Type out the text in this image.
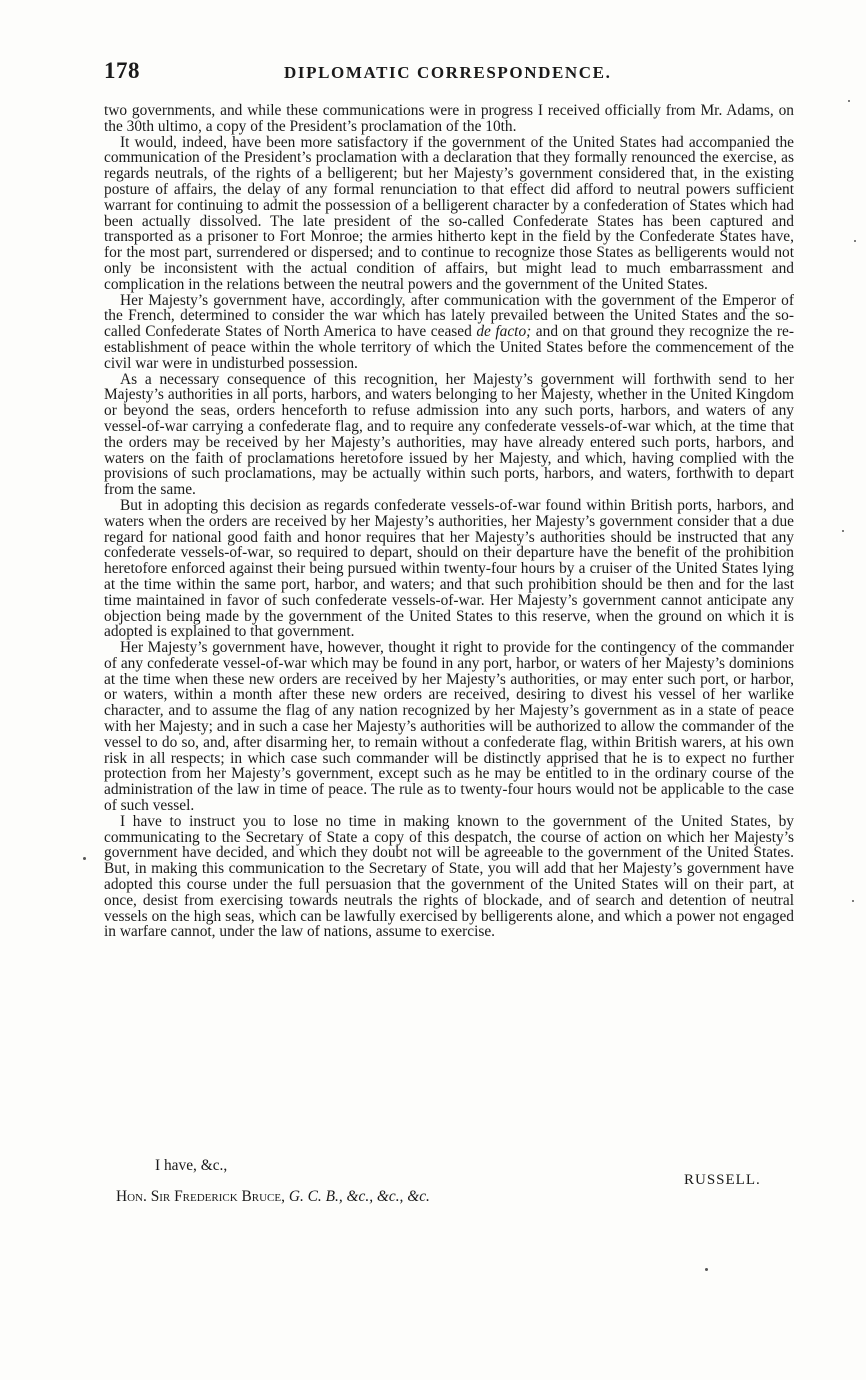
178	DIPLOMATIC CORRESPONDENCE.

two governments, and while these communications were in progress I received officially from Mr. Adams, on the 30th ultimo, a copy of the President’s proclamation of the 10th.

It would, indeed, have been more satisfactory if the government of the United States had accompanied the communication of the President’s proclamation with a declaration that they formally renounced the exercise, as regards neutrals, of the rights of a belligerent; but her Majesty’s government considered that, in the existing posture of affairs, the delay of any formal renunciation to that effect did afford to neutral powers sufficient warrant for continuing to admit the possession of a belligerent character by a confederation of States which had been actually dissolved. The late president of the so-called Confederate States has been captured and transported as a prisoner to Fort Monroe; the armies hitherto kept in the field by the Confederate States have, for the most part, surrendered or dispersed; and to continue to recognize those States as belligerents would not only be inconsistent with the actual condition of affairs, but might lead to much embarrassment and complication in the relations between the neutral powers and the government of the United States.

Her Majesty’s government have, accordingly, after communication with the government of the Emperor of the French, determined to consider the war which has lately prevailed between the United States and the so-called Confederate States of North America to have ceased de facto; and on that ground they recognize the re-establishment of peace within the whole territory of which the United States before the commencement of the civil war were in undisturbed possession.

As a necessary consequence of this recognition, her Majesty’s government will forthwith send to her Majesty’s authorities in all ports, harbors, and waters belonging to her Majesty, whether in the United Kingdom or beyond the seas, orders henceforth to refuse admission into any such ports, harbors, and waters of any vessel-of-war carrying a confederate flag, and to require any confederate vessels-of-war which, at the time that the orders may be received by her Majesty’s authorities, may have already entered such ports, harbors, and waters on the faith of proclamations heretofore issued by her Majesty, and which, having complied with the provisions of such proclamations, may be actually within such ports, harbors, and waters, forthwith to depart from the same.

But in adopting this decision as regards confederate vessels-of-war found within British ports, harbors, and waters when the orders are received by her Majesty’s authorities, her Majesty’s government consider that a due regard for national good faith and honor requires that her Majesty’s authorities should be instructed that any confederate vessels-of-war, so required to depart, should on their departure have the benefit of the prohibition heretofore enforced against their being pursued within twenty-four hours by a cruiser of the United States lying at the time within the same port, harbor, and waters; and that such prohibition should be then and for the last time maintained in favor of such confederate vessels-of-war. Her Majesty’s government cannot anticipate any objection being made by the government of the United States to this reserve, when the ground on which it is adopted is explained to that government.

Her Majesty’s government have, however, thought it right to provide for the contingency of the commander of any confederate vessel-of-war which may be found in any port, harbor, or waters of her Majesty’s dominions at the time when these new orders are received by her Majesty’s authorities, or may enter such port, or harbor, or waters, within a month after these new orders are received, desiring to divest his vessel of her warlike character, and to assume the flag of any nation recognized by her Majesty’s government as in a state of peace with her Majesty; and in such a case her Majesty’s authorities will be authorized to allow the commander of the vessel to do so, and, after disarming her, to remain without a confederate flag, within British warers, at his own risk in all respects; in which case such commander will be distinctly apprised that he is to expect no further protection from her Majesty’s government, except such as he may be entitled to in the ordinary course of the administration of the law in time of peace. The rule as to twenty-four hours would not be applicable to the case of such vessel.

I have to instruct you to lose no time in making known to the government of the United States, by communicating to the Secretary of State a copy of this despatch, the course of action on which her Majesty’s government have decided, and which they doubt not will be agreeable to the government of the United States. But, in making this communication to the Secretary of State, you will add that her Majesty’s government have adopted this course under the full persuasion that the government of the United States will on their part, at once, desist from exercising towards neutrals the rights of blockade, and of search and detention of neutral vessels on the high seas, which can be lawfully exercised by belligerents alone, and which a power not engaged in warfare cannot, under the law of nations, assume to exercise.

I have, &c.,
RUSSELL.
Hon. Sir Frederick Bruce, G. C. B., &c., &c., &c.
